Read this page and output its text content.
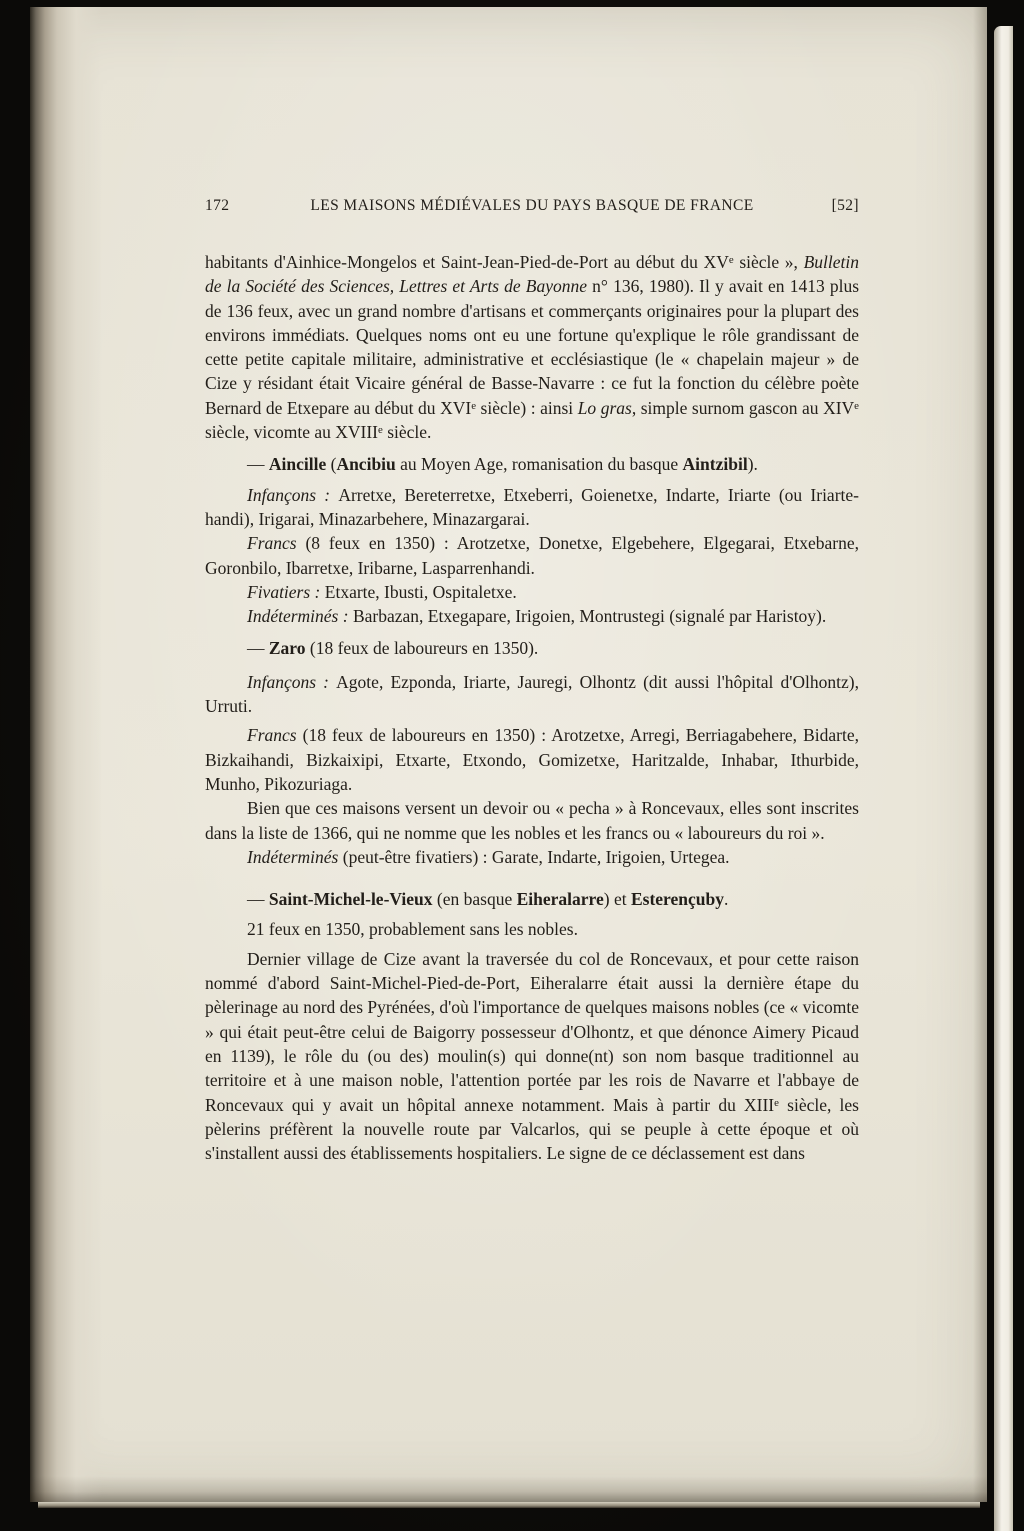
172	LES MAISONS MÉDIÉVALES DU PAYS BASQUE DE FRANCE	[52]

habitants d'Ainhice-Mongelos et Saint-Jean-Pied-de-Port au début du XVe siècle », Bulletin de la Société des Sciences, Lettres et Arts de Bayonne n° 136, 1980). Il y avait en 1413 plus de 136 feux, avec un grand nombre d'artisans et commerçants originaires pour la plupart des environs immédiats. Quelques noms ont eu une fortune qu'explique le rôle grandissant de cette petite capitale militaire, administrative et ecclésiastique (le « chapelain majeur » de Cize y résidant était Vicaire général de Basse-Navarre : ce fut la fonction du célèbre poète Bernard de Etxepare au début du XVIe siècle) : ainsi Lo gras, simple surnom gascon au XIVe siècle, vicomte au XVIIIe siècle.

— Aincille (Ancibiu au Moyen Age, romanisation du basque Aintzibil).

Infançons : Arretxe, Bereterretxe, Etxeberri, Goienetxe, Indarte, Iriarte (ou Iriarte-handi), Irigarai, Minazarbehere, Minazargarai.

Francs (8 feux en 1350) : Arotzetxe, Donetxe, Elgebehere, Elgegarai, Etxebarne, Goronbilo, Ibarretxe, Iribarne, Lasparrenhandi.

Fivatiers : Etxarte, Ibusti, Ospitaletxe.

Indéterminés : Barbazan, Etxegapare, Irigoien, Montrustegi (signalé par Haristoy).

— Zaro (18 feux de laboureurs en 1350).

Infançons : Agote, Ezponda, Iriarte, Jauregi, Olhontz (dit aussi l'hôpital d'Olhontz), Urruti.

Francs (18 feux de laboureurs en 1350) : Arotzetxe, Arregi, Berriagabehere, Bidarte, Bizkaihandi, Bizkaixipi, Etxarte, Etxondo, Gomizetxe, Haritzalde, Inhabar, Ithurbide, Munho, Pikozuriaga.

Bien que ces maisons versent un devoir ou « pecha » à Roncevaux, elles sont inscrites dans la liste de 1366, qui ne nomme que les nobles et les francs ou « laboureurs du roi ».

Indéterminés (peut-être fivatiers) : Garate, Indarte, Irigoien, Urtegea.

— Saint-Michel-le-Vieux (en basque Eiheralarre) et Esterençuby.

21 feux en 1350, probablement sans les nobles.

Dernier village de Cize avant la traversée du col de Roncevaux, et pour cette raison nommé d'abord Saint-Michel-Pied-de-Port, Eiheralarre était aussi la dernière étape du pèlerinage au nord des Pyrénées, d'où l'importance de quelques maisons nobles (ce « vicomte » qui était peut-être celui de Baigorry possesseur d'Olhontz, et que dénonce Aimery Picaud en 1139), le rôle du (ou des) moulin(s) qui donne(nt) son nom basque traditionnel au territoire et à une maison noble, l'attention portée par les rois de Navarre et l'abbaye de Roncevaux qui y avait un hôpital annexe notamment. Mais à partir du XIIIe siècle, les pèlerins préfèrent la nouvelle route par Valcarlos, qui se peuple à cette époque et où s'installent aussi des établissements hospitaliers. Le signe de ce déclassement est dans
